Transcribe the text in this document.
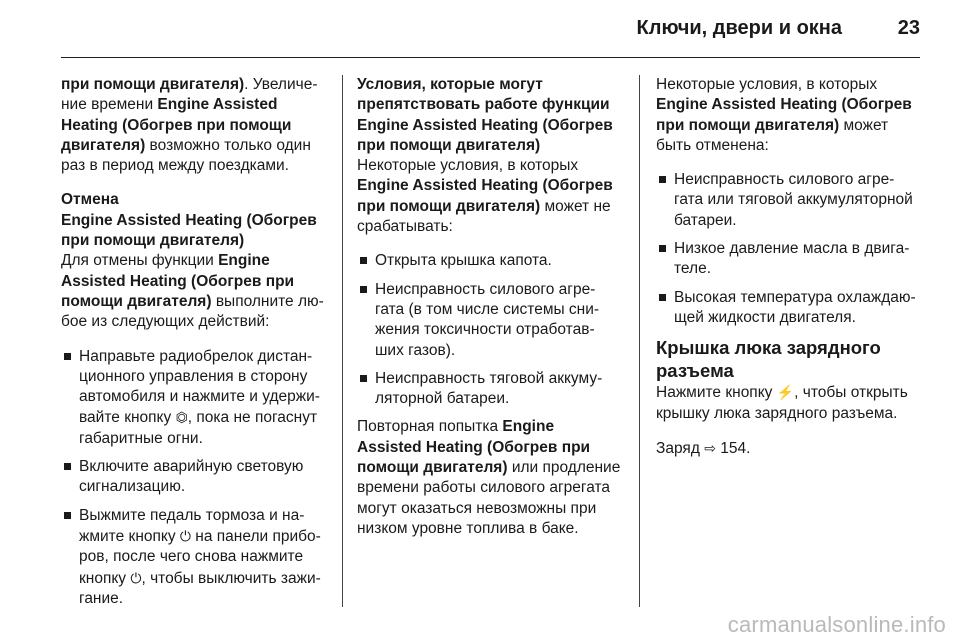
Ключи, двери и окна	23

при помощи двигателя). Увеличе-ние времени Engine Assisted Heating (Обогрев при помощи двигателя) возможно только один раз в период между поездками.

Отмена
Engine Assisted Heating (Обогрев при помощи двигателя)
Для отмены функции Engine Assisted Heating (Обогрев при помощи двигателя) выполните лю-бое из следующих действий:

Направьте радиобрелок дистан-ционного управления в сторону автомобиля и нажмите и удержи-вайте кнопку ⏣, пока не погаснут габаритные огни.
Включите аварийную световую сигнализацию.
Выжмите педаль тормоза и на-жмите кнопку ⏻ на панели прибо-ров, после чего снова нажмите кнопку ⏻, чтобы выключить зажи-гание.
Условия, которые могут препятствовать работе функции Engine Assisted Heating (Обогрев при помощи двигателя)

Некоторые условия, в которых Engine Assisted Heating (Обогрев при помощи двигателя) может не срабатывать:

Открыта крышка капота.
Неисправность силового агре-гата (в том числе системы сни-жения токсичности отработав-ших газов).
Неисправность тяговой аккуму-ляторной батареи.

Повторная попытка Engine Assisted Heating (Обогрев при помощи двигателя) или продление времени работы силового агрегата могут оказаться невозможны при низком уровне топлива в баке.

Некоторые условия, в которых Engine Assisted Heating (Обогрев при помощи двигателя) может быть отменена:

Неисправность силового агре-гата или тяговой аккумуляторной батареи.
Низкое давление масла в двига-теле.
Высокая температура охлаждаю-щей жидкости двигателя.
Крышка люка зарядного разъема

Нажмите кнопку ⚡, чтобы открыть крышку люка зарядного разъема.

Заряд ⇨ 154.

carmanualsonline.info
